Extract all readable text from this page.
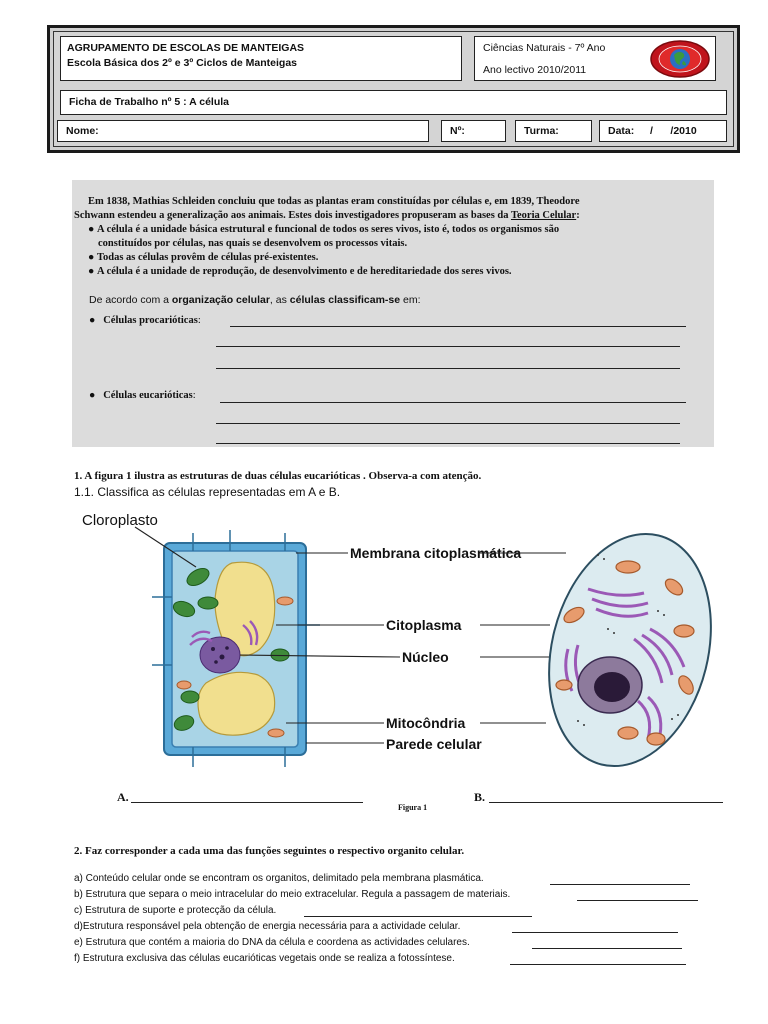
AGRUPAMENTO DE ESCOLAS DE MANTEIGAS
Escola Básica dos 2º e 3º Ciclos de Manteigas
Ciências Naturais - 7º Ano
Ano lectivo 2010/2011
Ficha de Trabalho nº 5 : A célula
Nome:	Nº:	Turma:	Data: /      /2010
Em 1838, Mathias Schleiden concluiu que todas as plantas eram constituídas por células e, em 1839, Theodore
Schwann estendeu a generalização aos animais. Estes dois investigadores propuseram as bases da Teoria Celular:
● A célula é a unidade básica estrutural e funcional de todos os seres vivos, isto é, todos os organismos são
constituídos por células, nas quais se desenvolvem os processos vitais.
● Todas as células provêm de células pré-existentes.
● A célula é a unidade de reprodução, de desenvolvimento e de hereditariedade dos seres vivos.
De acordo com a organização celular, as células classificam-se em:
●   Células procarióticas:
●   Células eucarióticas:
1. A figura 1 ilustra as estruturas de duas células eucarióticas . Observa-a com atenção.
1.1. Classifica as células representadas em A e B.
Cloroplasto
Membrana citoplasmática
Citoplasma
Núcleo
Mitocôndria
Parede celular
A.	B.
Figura 1
2. Faz corresponder a cada uma das funções seguintes o respectivo organito celular.
a) Conteúdo celular onde se encontram os organitos, delimitado pela membrana plasmática.
b) Estrutura que separa o meio intracelular do meio extracelular. Regula a passagem de materiais.
c) Estrutura de suporte e protecção da célula.
d)Estrutura responsável pela obtenção de energia necessária para a actividade celular.
e) Estrutura que contém a maioria do DNA da célula e coordena as actividades celulares.
f) Estrutura exclusiva das células eucarióticas vegetais onde se realiza a fotossíntese.
